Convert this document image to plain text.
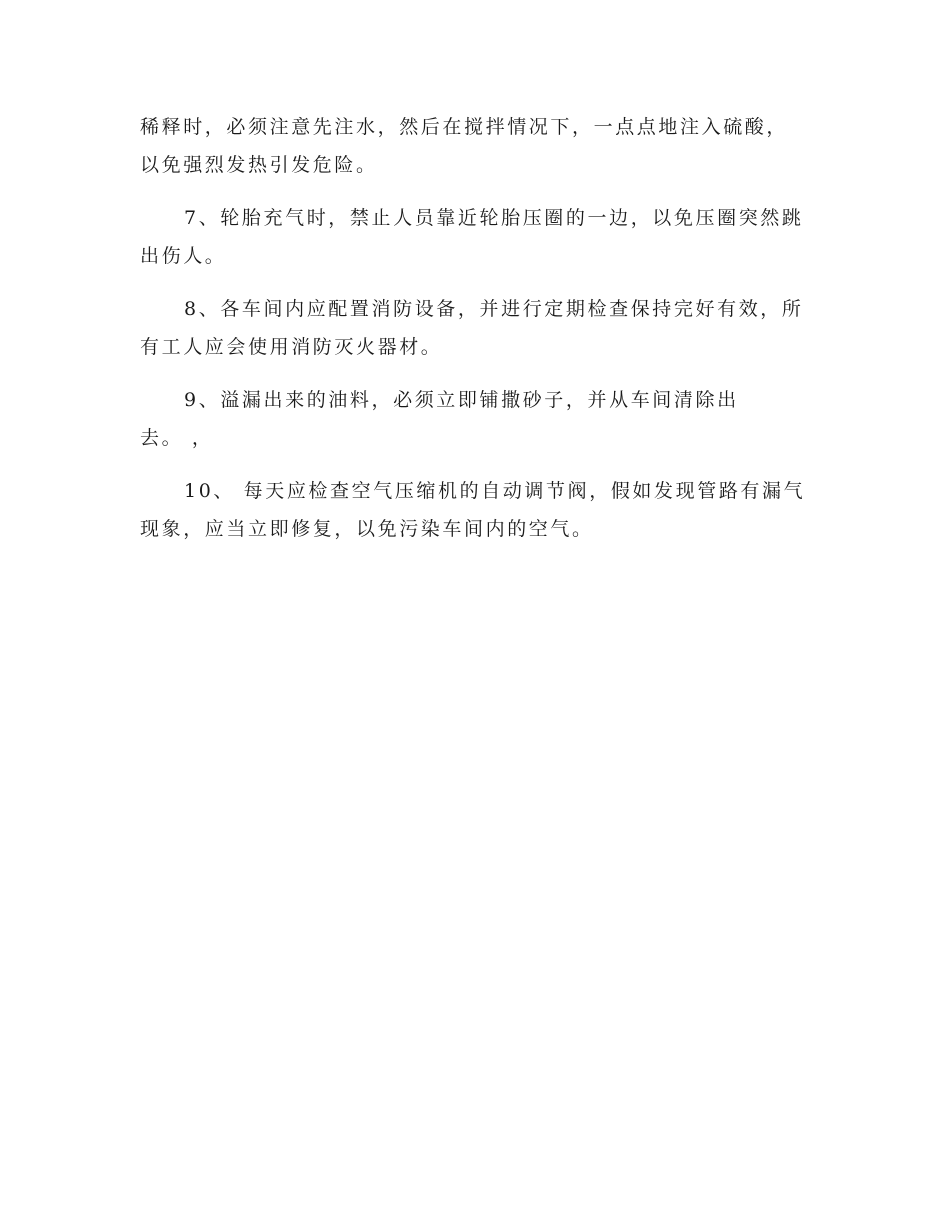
稀释时，必须注意先注水，然后在搅拌情况下，一点点地注入硫酸，
以免强烈发热引发危险。

7、轮胎充气时，禁止人员靠近轮胎压圈的一边，以免压圈突然跳
出伤人。

8、各车间内应配置消防设备，并进行定期检查保持完好有效，所
有工人应会使用消防灭火器材。

9、溢漏出来的油料，必须立即铺撒砂子，并从车间清除出
去。 ，

10、 每天应检查空气压缩机的自动调节阀，假如发现管路有漏气
现象，应当立即修复，以免污染车间内的空气。
